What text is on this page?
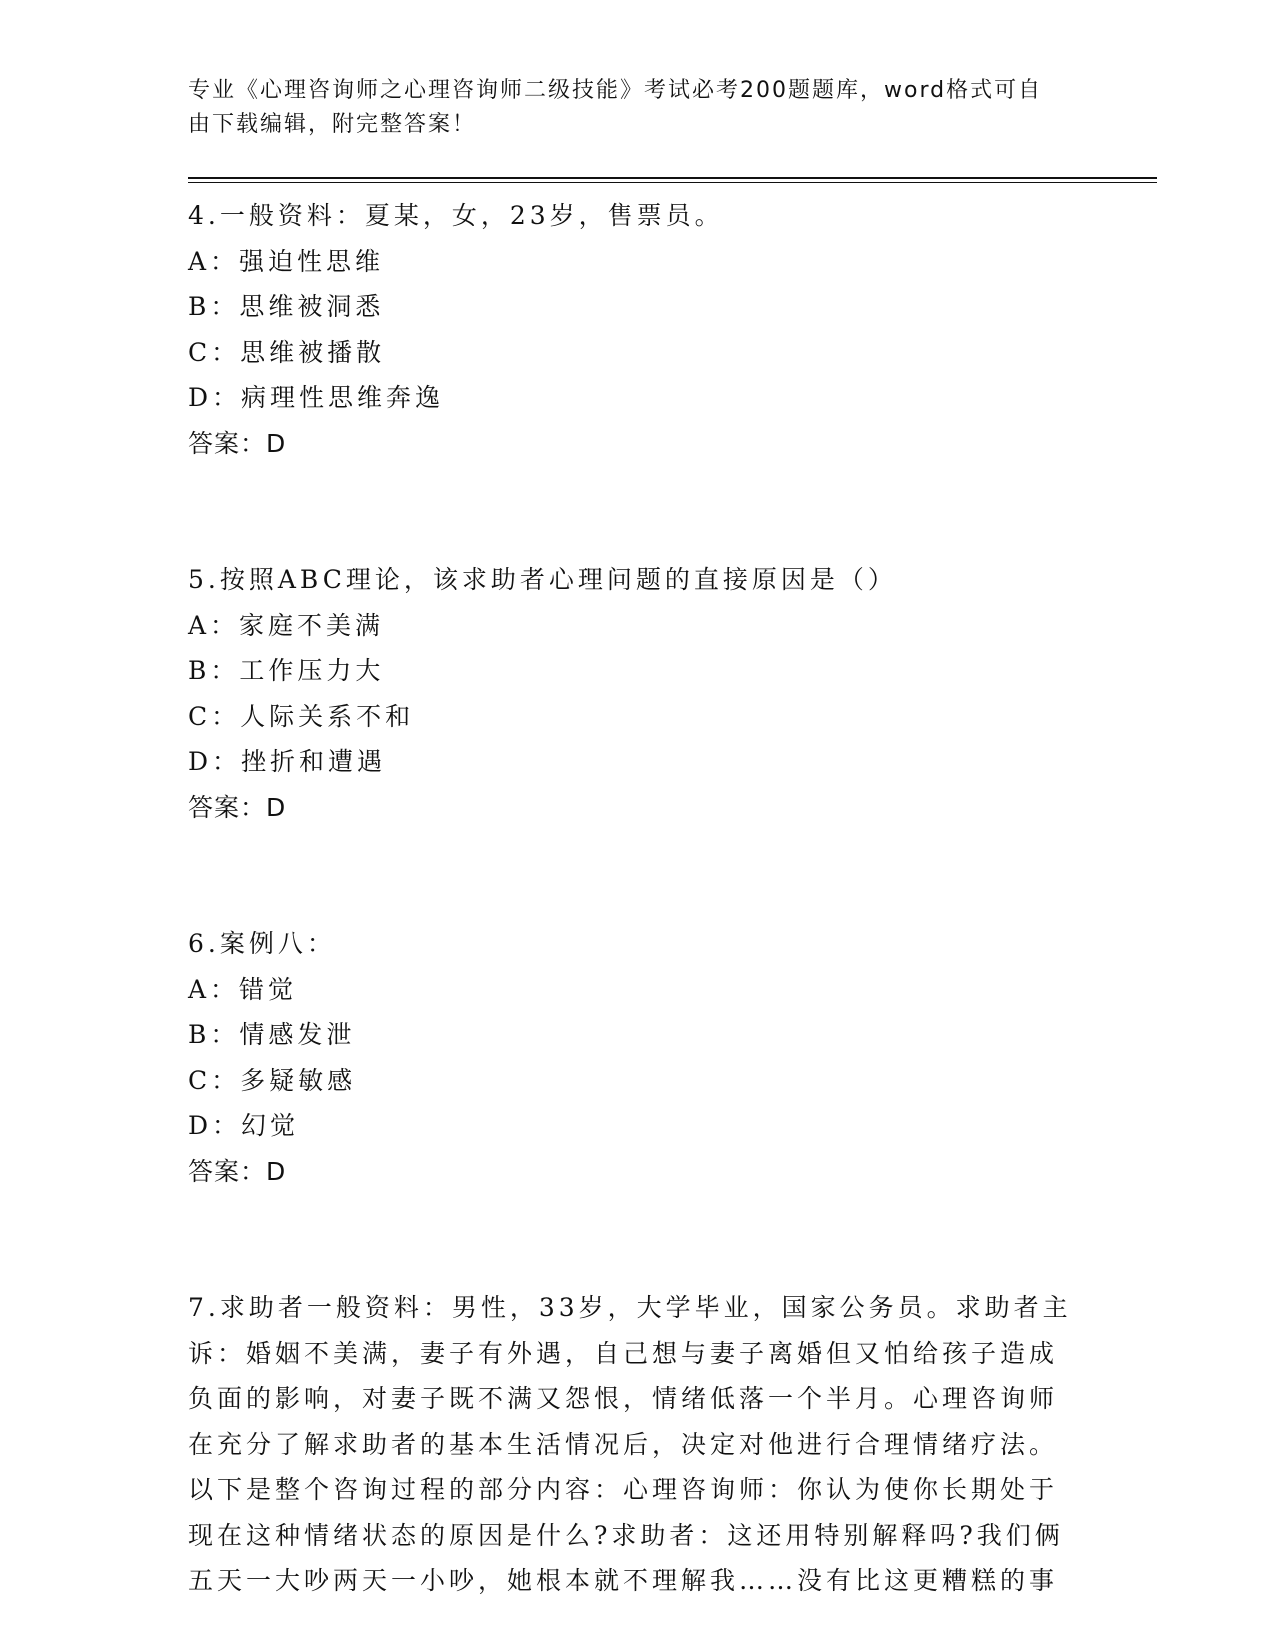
专业《心理咨询师之心理咨询师二级技能》考试必考200题题库，word格式可自
由下载编辑，附完整答案！
4.一般资料：夏某，女，23岁，售票员。
A：强迫性思维
B：思维被洞悉
C：思维被播散
D：病理性思维奔逸
答案：D
5.按照ABC理论，该求助者心理问题的直接原因是（）
A：家庭不美满
B：工作压力大
C：人际关系不和
D：挫折和遭遇
答案：D
6.案例八：
A：错觉
B：情感发泄
C：多疑敏感
D：幻觉
答案：D
7.求助者一般资料：男性，33岁，大学毕业，国家公务员。求助者主
诉：婚姻不美满，妻子有外遇，自己想与妻子离婚但又怕给孩子造成
负面的影响，对妻子既不满又怨恨，情绪低落一个半月。心理咨询师
在充分了解求助者的基本生活情况后，决定对他进行合理情绪疗法。
以下是整个咨询过程的部分内容：心理咨询师：你认为使你长期处于
现在这种情绪状态的原因是什么?求助者：这还用特别解释吗?我们俩
五天一大吵两天一小吵，她根本就不理解我……没有比这更糟糕的事
